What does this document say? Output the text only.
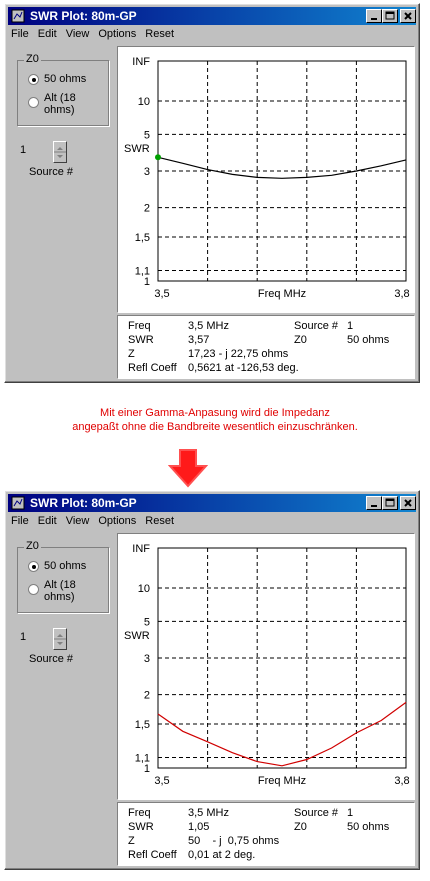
SWR Plot: 80m-GP
File Edit View Options Reset
Z0
50 ohms
Alt (18
ohms)
1
Source #
INF
10
5
3
2
1,5
1,1
1
SWR
3,5	3,8
Freq MHz
Freq	3,5 MHz	Source # 1
SWR	3,57	Z0	50 ohms
Z	17,23 - j 22,75 ohms
Refl Coeff 0,5621 at -126,53 deg.
Mit einer Gamma-Anpasung wird die Impedanz
angepaßt ohne die Bandbreite wesentlich einzuschränken.
SWR Plot: 80m-GP
File Edit View Options Reset
Z0
50 ohms
Alt (18
ohms)
1
Source #
INF
10
5
3
2
1,5
1,1
1
SWR
3,5	3,8
Freq MHz
Freq	3,5 MHz	Source # 1
SWR	1,05	Z0	50 ohms
Z	50    - j  0,75 ohms
Refl Coeff 0,01 at 2 deg.
